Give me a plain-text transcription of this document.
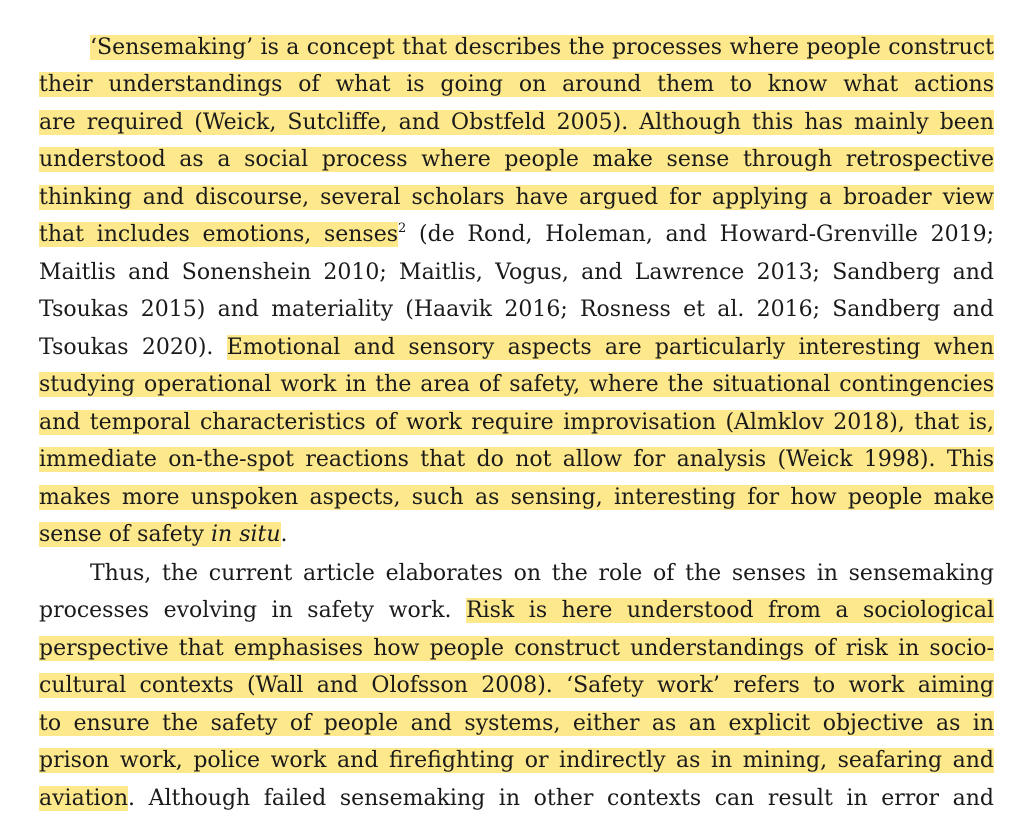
‘Sensemaking’ is a concept that describes the processes where people construct
their understandings of what is going on around them to know what actions
are required (Weick, Sutcliffe, and Obstfeld 2005). Although this has mainly been
understood as a social process where people make sense through retrospective
thinking and discourse, several scholars have argued for applying a broader view
that includes emotions, senses$^2$ (de Rond, Holeman, and Howard-Grenville 2019;
Maitlis and Sonenshein 2010; Maitlis, Vogus, and Lawrence 2013; Sandberg and
Tsoukas 2015) and materiality (Haavik 2016; Rosness et al. 2016; Sandberg and
Tsoukas 2020). Emotional and sensory aspects are particularly interesting when
studying operational work in the area of safety, where the situational contingencies
and temporal characteristics of work require improvisation (Almklov 2018), that is,
immediate on-the-spot reactions that do not allow for analysis (Weick 1998). This
makes more unspoken aspects, such as sensing, interesting for how people make
sense of safety in situ.
Thus, the current article elaborates on the role of the senses in sensemaking
processes evolving in safety work. Risk is here understood from a sociological
perspective that emphasises how people construct understandings of risk in socio-
cultural contexts (Wall and Olofsson 2008). ‘Safety work’ refers to work aiming
to ensure the safety of people and systems, either as an explicit objective as in
prison work, police work and firefighting or indirectly as in mining, seafaring and
aviation. Although failed sensemaking in other contexts can result in error and
